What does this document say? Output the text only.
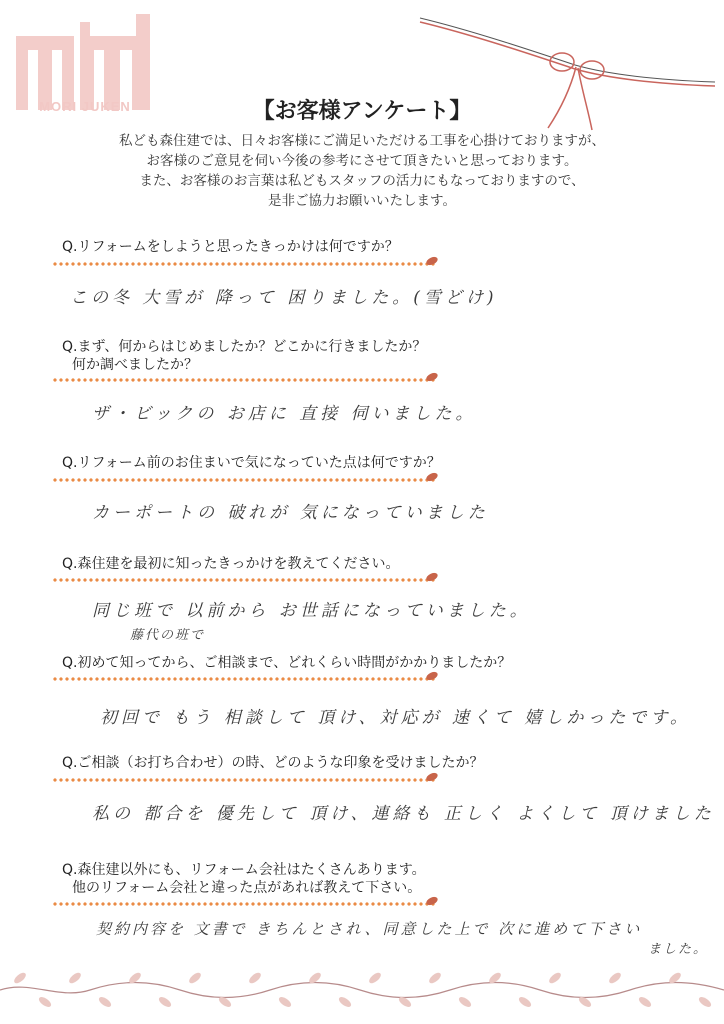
MORI JUKEN	【お客様アンケート】
私ども森住建では、日々お客様にご満足いただける工事を心掛けておりますが、
お客様のご意見を伺い今後の参考にさせて頂きたいと思っております。
また、お客様のお言葉は私どもスタッフの活力にもなっておりますので、
是非ご協力お願いいたします。
Q.リフォームをしようと思ったきっかけは何ですか？
この冬 大雪が 降って 困りました。(雪どけ)
Q.まず、何からはじめましたか？どこかに行きましたか？
何か調べましたか？
ザ・ビックの お店に 直接 伺いました。
Q.リフォーム前のお住まいで気になっていた点は何ですか？
カーポートの 破れが 気になっていました
Q.森住建を最初に知ったきっかけを教えてください。
同じ班で 以前から お世話になっていました。
藤代の班で
Q.初めて知ってから、ご相談まで、どれくらい時間がかかりましたか？
初回で もう 相談して 頂け、対応が 速くて 嬉しかったです。
Q.ご相談（お打ち合わせ）の時、どのような印象を受けましたか？
私の 都合を 優先して 頂け、連絡も 正しく よくして 頂けました
Q.森住建以外にも、リフォーム会社はたくさんあります。
他のリフォーム会社と違った点があれば教えて下さい。
契約内容を 文書で きちんとされ、同意した上で 次に進めて下さい
ました。
